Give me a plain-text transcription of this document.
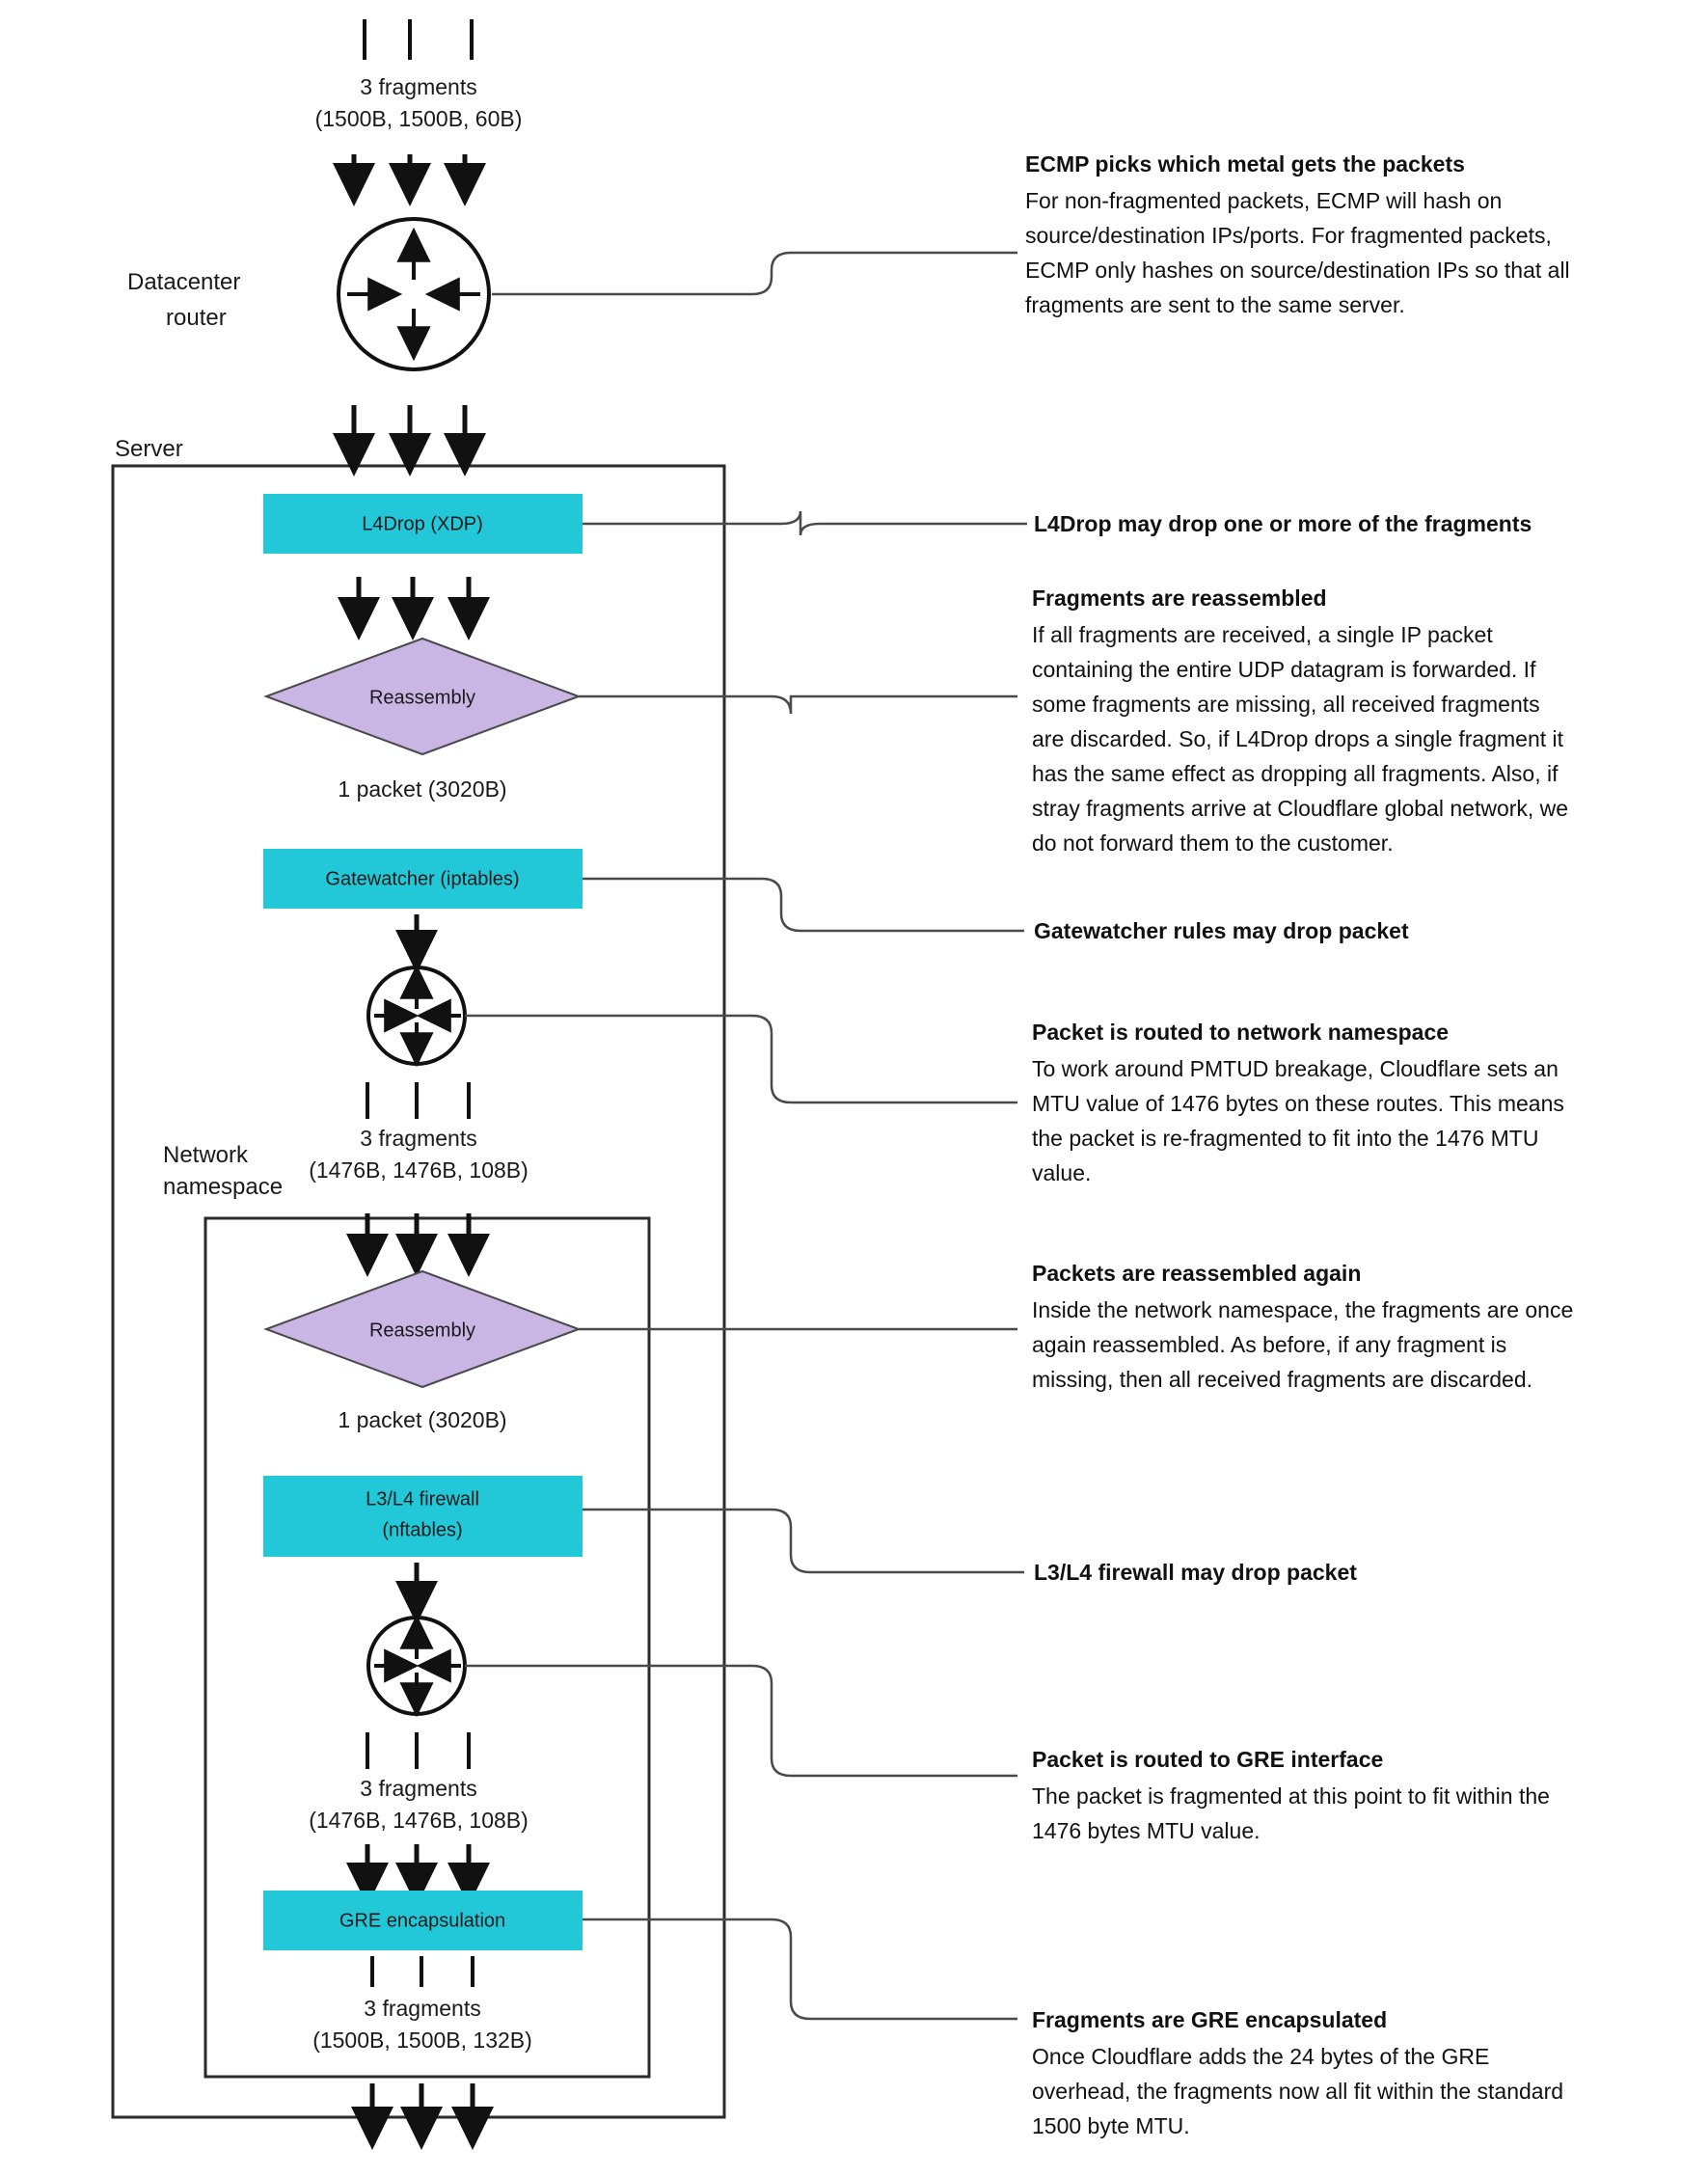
Server
Network
namespace
3 fragments
(1500B, 1500B, 60B)
Datacenter
router
L4Drop (XDP)
Reassembly
1 packet (3020B)
Gatewatcher (iptables)
3 fragments
(1476B, 1476B, 108B)
Reassembly
1 packet (3020B)
L3/L4 firewall
(nftables)
3 fragments
(1476B, 1476B, 108B)
GRE encapsulation
3 fragments
(1500B, 1500B, 132B)
ECMP picks which metal gets the packets
For non-fragmented packets, ECMP will hash on
source/destination IPs/ports. For fragmented packets,
ECMP only hashes on source/destination IPs so that all
fragments are sent to the same server.
L4Drop may drop one or more of the fragments
Fragments are reassembled
If all fragments are received, a single IP packet
containing the entire UDP datagram is forwarded. If
some fragments are missing, all received fragments
are discarded. So, if L4Drop drops a single fragment it
has the same effect as dropping all fragments. Also, if
stray fragments arrive at Cloudflare global network, we
do not forward them to the customer.
Gatewatcher rules may drop packet
Packet is routed to network namespace
To work around PMTUD breakage, Cloudflare sets an
MTU value of 1476 bytes on these routes. This means
the packet is re-fragmented to fit into the 1476 MTU
value.
Packets are reassembled again
Inside the network namespace, the fragments are once
again reassembled. As before, if any fragment is
missing, then all received fragments are discarded.
L3/L4 firewall may drop packet
Packet is routed to GRE interface
The packet is fragmented at this point to fit within the
1476 bytes MTU value.
Fragments are GRE encapsulated
Once Cloudflare adds the 24 bytes of the GRE
overhead, the fragments now all fit within the standard
1500 byte MTU.
